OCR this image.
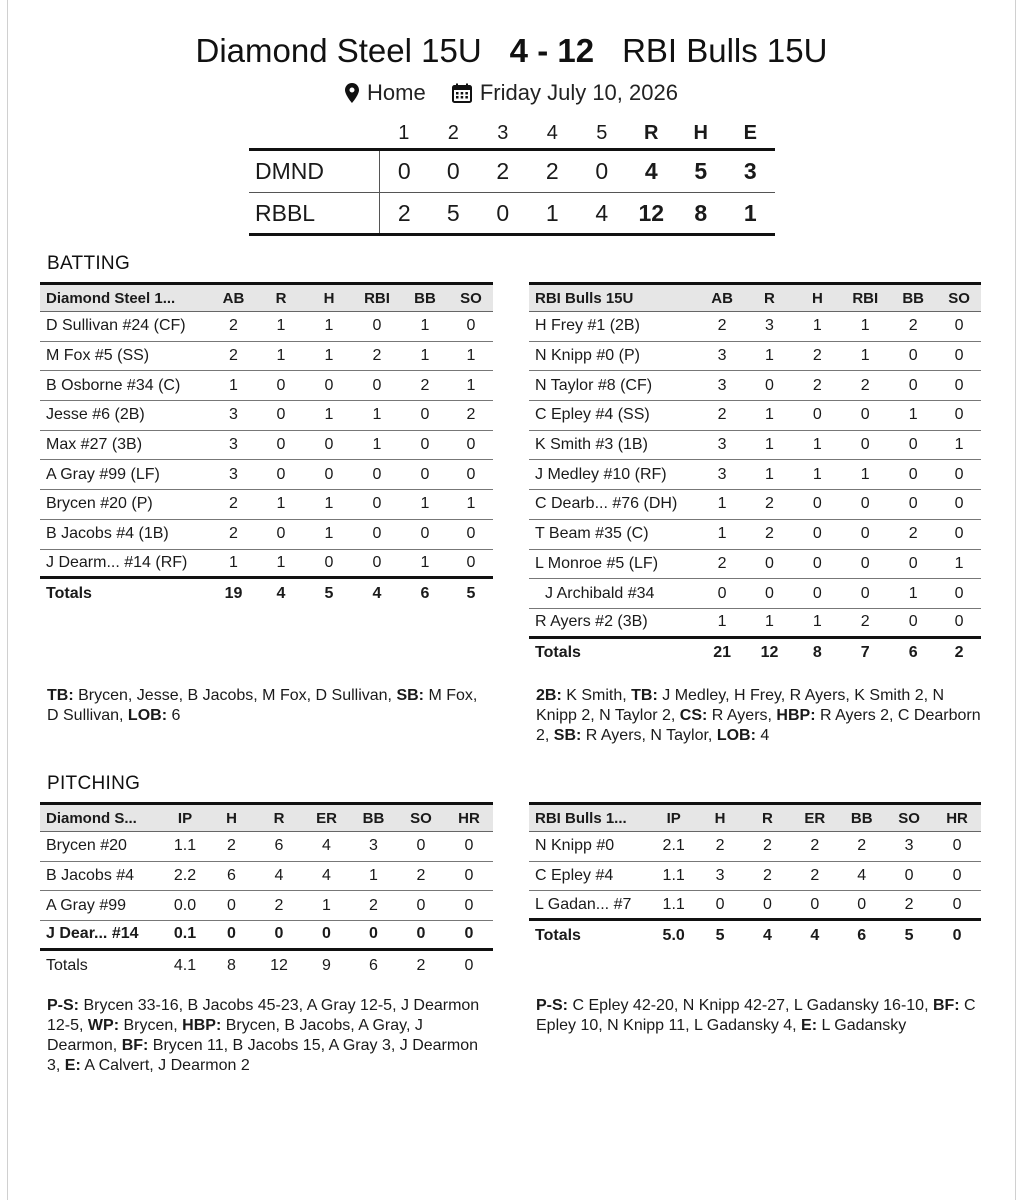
Diamond Steel 15U 4 - 12 RBI Bulls 15U
Home
Friday July 10, 2026
1	2	3	4	5	R	H	E
DMND	0	0	2	2	0	4	5	3
RBBL	2	5	0	1	4	12	8	1
BATTING
Diamond Steel 1...	AB	R	H	RBI	BB	SO
D Sullivan #24 (CF)	2	1	1	0	1	0
M Fox #5 (SS)	2	1	1	2	1	1
B Osborne #34 (C)	1	0	0	0	2	1
Jesse #6 (2B)	3	0	1	1	0	2
Max #27 (3B)	3	0	0	1	0	0
A Gray #99 (LF)	3	0	0	0	0	0
Brycen #20 (P)	2	1	1	0	1	1
B Jacobs #4 (1B)	2	0	1	0	0	0
J Dearm... #14 (RF)	1	1	0	0	1	0
Totals	19	4	5	4	6	5
RBI Bulls 15U	AB	R	H	RBI	BB	SO
H Frey #1 (2B)	2	3	1	1	2	0
N Knipp #0 (P)	3	1	2	1	0	0
N Taylor #8 (CF)	3	0	2	2	0	0
C Epley #4 (SS)	2	1	0	0	1	0
K Smith #3 (1B)	3	1	1	0	0	1
J Medley #10 (RF)	3	1	1	1	0	0
C Dearb... #76 (DH)	1	2	0	0	0	0
T Beam #35 (C)	1	2	0	0	2	0
L Monroe #5 (LF)	2	0	0	0	0	1
J Archibald #34	0	0	0	0	1	0
R Ayers #2 (3B)	1	1	1	2	0	0
Totals	21	12	8	7	6	2
TB: Brycen, Jesse, B Jacobs, M Fox, D Sullivan, SB: M Fox, D Sullivan, LOB: 6
2B: K Smith, TB: J Medley, H Frey, R Ayers, K Smith 2, N Knipp 2, N Taylor 2, CS: R Ayers, HBP: R Ayers 2, C Dearborn 2, SB: R Ayers, N Taylor, LOB: 4
PITCHING
Diamond S...	IP	H	R	ER	BB	SO	HR
Brycen #20	1.1	2	6	4	3	0	0
B Jacobs #4	2.2	6	4	4	1	2	0
A Gray #99	0.0	0	2	1	2	0	0
J Dear... #14	0.1	0	0	0	0	0	0
Totals	4.1	8	12	9	6	2	0
RBI Bulls 1...	IP	H	R	ER	BB	SO	HR
N Knipp #0	2.1	2	2	2	2	3	0
C Epley #4	1.1	3	2	2	4	0	0
L Gadan... #7	1.1	0	0	0	0	2	0
Totals	5.0	5	4	4	6	5	0
P-S: Brycen 33-16, B Jacobs 45-23, A Gray 12-5, J Dearmon 12-5, WP: Brycen, HBP: Brycen, B Jacobs, A Gray, J Dearmon, BF: Brycen 11, B Jacobs 15, A Gray 3, J Dearmon 3, E: A Calvert, J Dearmon 2
P-S: C Epley 42-20, N Knipp 42-27, L Gadansky 16-10, BF: C Epley 10, N Knipp 11, L Gadansky 4, E: L Gadansky
